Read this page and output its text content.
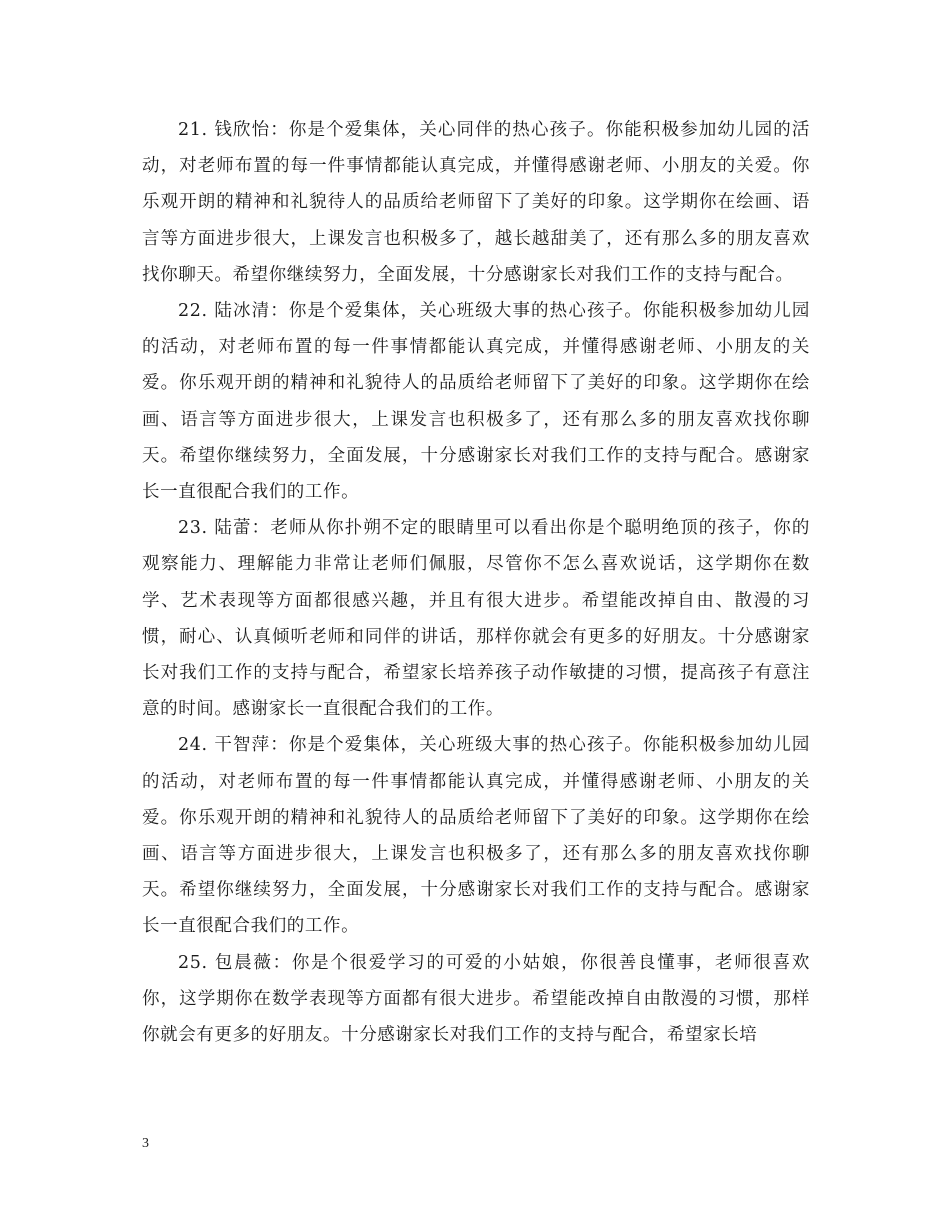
21. 钱欣怡：你是个爱集体，关心同伴的热心孩子。你能积极参加幼儿园的活动，对老师布置的每一件事情都能认真完成，并懂得感谢老师、小朋友的关爱。你乐观开朗的精神和礼貌待人的品质给老师留下了美好的印象。这学期你在绘画、语言等方面进步很大，上课发言也积极多了，越长越甜美了，还有那么多的朋友喜欢找你聊天。希望你继续努力，全面发展，十分感谢家长对我们工作的支持与配合。

22. 陆冰清：你是个爱集体，关心班级大事的热心孩子。你能积极参加幼儿园的活动，对老师布置的每一件事情都能认真完成，并懂得感谢老师、小朋友的关爱。你乐观开朗的精神和礼貌待人的品质给老师留下了美好的印象。这学期你在绘画、语言等方面进步很大，上课发言也积极多了，还有那么多的朋友喜欢找你聊天。希望你继续努力，全面发展，十分感谢家长对我们工作的支持与配合。感谢家长一直很配合我们的工作。

23. 陆蕾：老师从你扑朔不定的眼睛里可以看出你是个聪明绝顶的孩子，你的观察能力、理解能力非常让老师们佩服，尽管你不怎么喜欢说话，这学期你在数学、艺术表现等方面都很感兴趣，并且有很大进步。希望能改掉自由、散漫的习惯，耐心、认真倾听老师和同伴的讲话，那样你就会有更多的好朋友。十分感谢家长对我们工作的支持与配合，希望家长培养孩子动作敏捷的习惯，提高孩子有意注意的时间。感谢家长一直很配合我们的工作。

24. 干智萍：你是个爱集体，关心班级大事的热心孩子。你能积极参加幼儿园的活动，对老师布置的每一件事情都能认真完成，并懂得感谢老师、小朋友的关爱。你乐观开朗的精神和礼貌待人的品质给老师留下了美好的印象。这学期你在绘画、语言等方面进步很大，上课发言也积极多了，还有那么多的朋友喜欢找你聊天。希望你继续努力，全面发展，十分感谢家长对我们工作的支持与配合。感谢家长一直很配合我们的工作。

25. 包晨薇：你是个很爱学习的可爱的小姑娘，你很善良懂事，老师很喜欢你，这学期你在数学表现等方面都有很大进步。希望能改掉自由散漫的习惯，那样你就会有更多的好朋友。十分感谢家长对我们工作的支持与配合，希望家长培

3
